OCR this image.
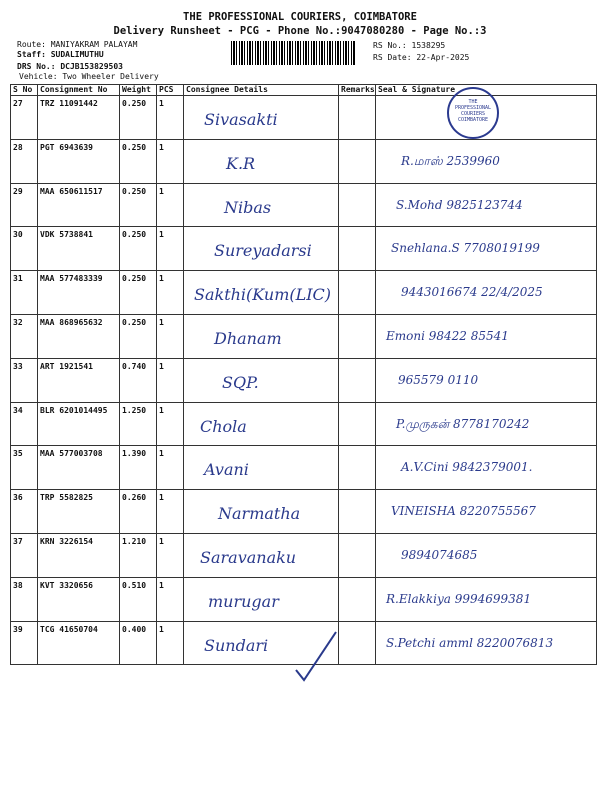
THE PROFESSIONAL COURIERS, COIMBATORE
Delivery Runsheet - PCG - Phone No.:9047080280 - Page No.:3
Route: MANIYAKRAM PALAYAM
Staff: SUDALIMUTHU
DRS No.: DCJB153829503
Vehicle: Two Wheeler Delivery
RS No.: 1538295
RS Date: 22-Apr-2025
S No	Consignment No	Weight	PCS	Consignee Details	Remarks	Seal & Signature
27	TRZ 11091442	0.250	1	Sivasakti		

28	PGT 6943639	0.250	1	K.R		R.மாஸ் 2539960

29	MAA 650611517	0.250	1	Nibas		S.Mohd 9825123744

30	VDK 5738841	0.250	1	Sureyadarsi		Snehlana.S 7708019199

31	MAA 577483339	0.250	1	Sakthi(Kum(LIC)		9443016674 22/4/2025

32	MAA 868965632	0.250	1	Dhanam		Emoni 98422 85541

33	ART 1921541	0.740	1	SQP.		965579 0110

34	BLR 6201014495	1.250	1	Chola		P.முருகன் 8778170242

35	MAA 577003708	1.390	1	Avani		A.V.Cini 9842379001.

36	TRP 5582825	0.260	1	Narmatha		VINEISHA 8220755567

37	KRN 3226154	1.210	1	Saravanaku		9894074685

38	KVT 3320656	0.510	1	murugar		R.Elakkiya 9994699381

39	TCG 41650704	0.400	1	Sundari		S.Petchi amml 8220076813
THE PROFESSIONAL COURIERS COIMBATORE
